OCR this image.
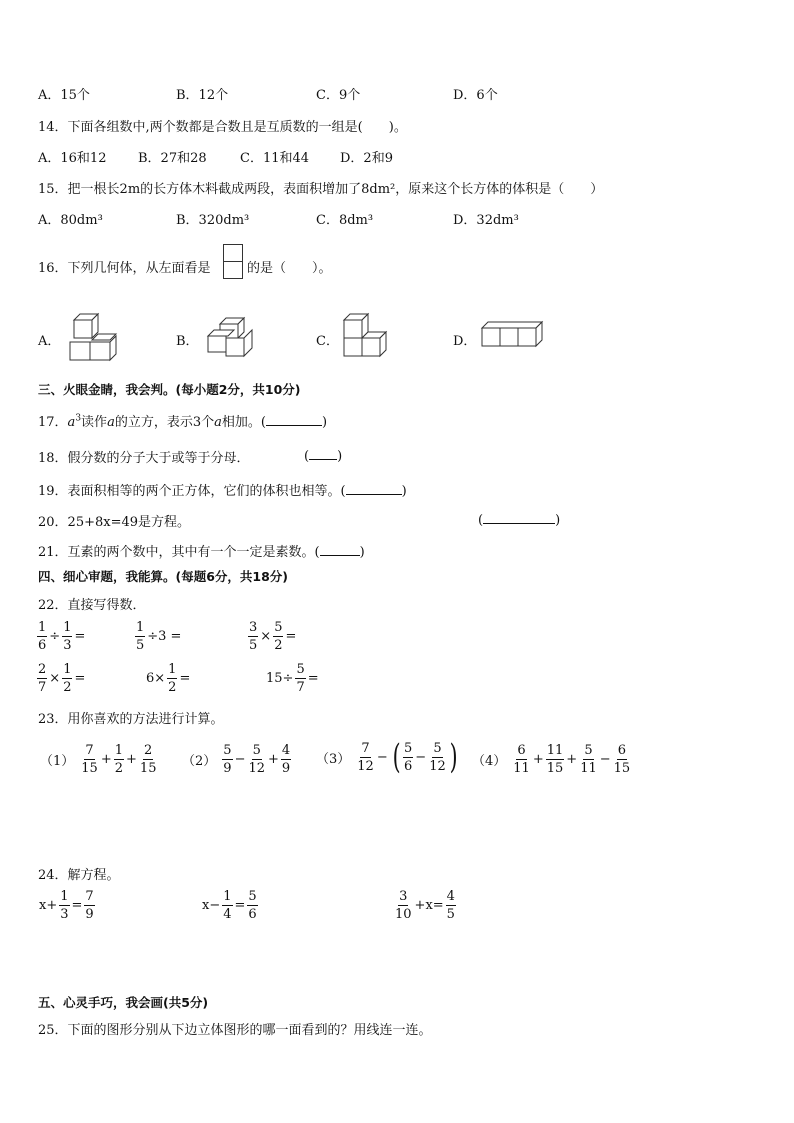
A．15个	B．12个	C．9个	D．6个
14．下面各组数中,两个数都是合数且是互质数的一组是(　　)。
A．16和12 B．27和28	C．11和44 D．2和9
15．把一根长2m的长方体木料截成两段，表面积增加了8dm²，原来这个长方体的体积是（　　）
A．80dm³	B．320dm³	C．8dm³	D．32dm³
16．下列几何体，从左面看是	的是（　　）。
A．	B．	C．	D．
三、火眼金睛，我会判。(每小题2分，共10分)
17．$a^3$读作a的立方，表示3个a相加。(	)
18．假分数的分子大于或等于分母．	( )
19．表面积相等的两个正方体，它们的体积也相等。(	)
20．25+8x=49是方程。	(	)
21．互素的两个数中，其中有一个一定是素数。(	)
四、细心审题，我能算。(每题6分，共18分)
22．直接写得数．
$\frac{1}{6} \div \frac{1}{3}$ =	$\frac{1}{5} \div 3$ =	$\frac{3}{5} \times \frac{5}{2}$ =
$\frac{2}{7} \times \frac{1}{2}$ =	$6\times \frac{1}{2}$ =	$15\div \frac{5}{7}$ =
23．用你喜欢的方法进行计算。
$(1) \frac{7}{15} + \frac{1}{2} + \frac{2}{15} (2) \frac{5}{9} - \frac{5}{12} + \frac{4}{9} (3) \frac{7}{12}$ − ( $\frac{5}{6} - \frac{5}{12}$ ) $(4) \frac{6}{11} + \frac{11}{15} + \frac{5}{11} - \frac{6}{15}$
24．解方程。
$x+ \frac{1}{3} = \frac{7}{9}$	$x- \frac{1}{4} = \frac{5}{6}$	$\frac{3}{10} +x= \frac{4}{5}$
五、心灵手巧，我会画(共5分)
25．下面的图形分别从下边立体图形的哪一面看到的？用线连一连。
